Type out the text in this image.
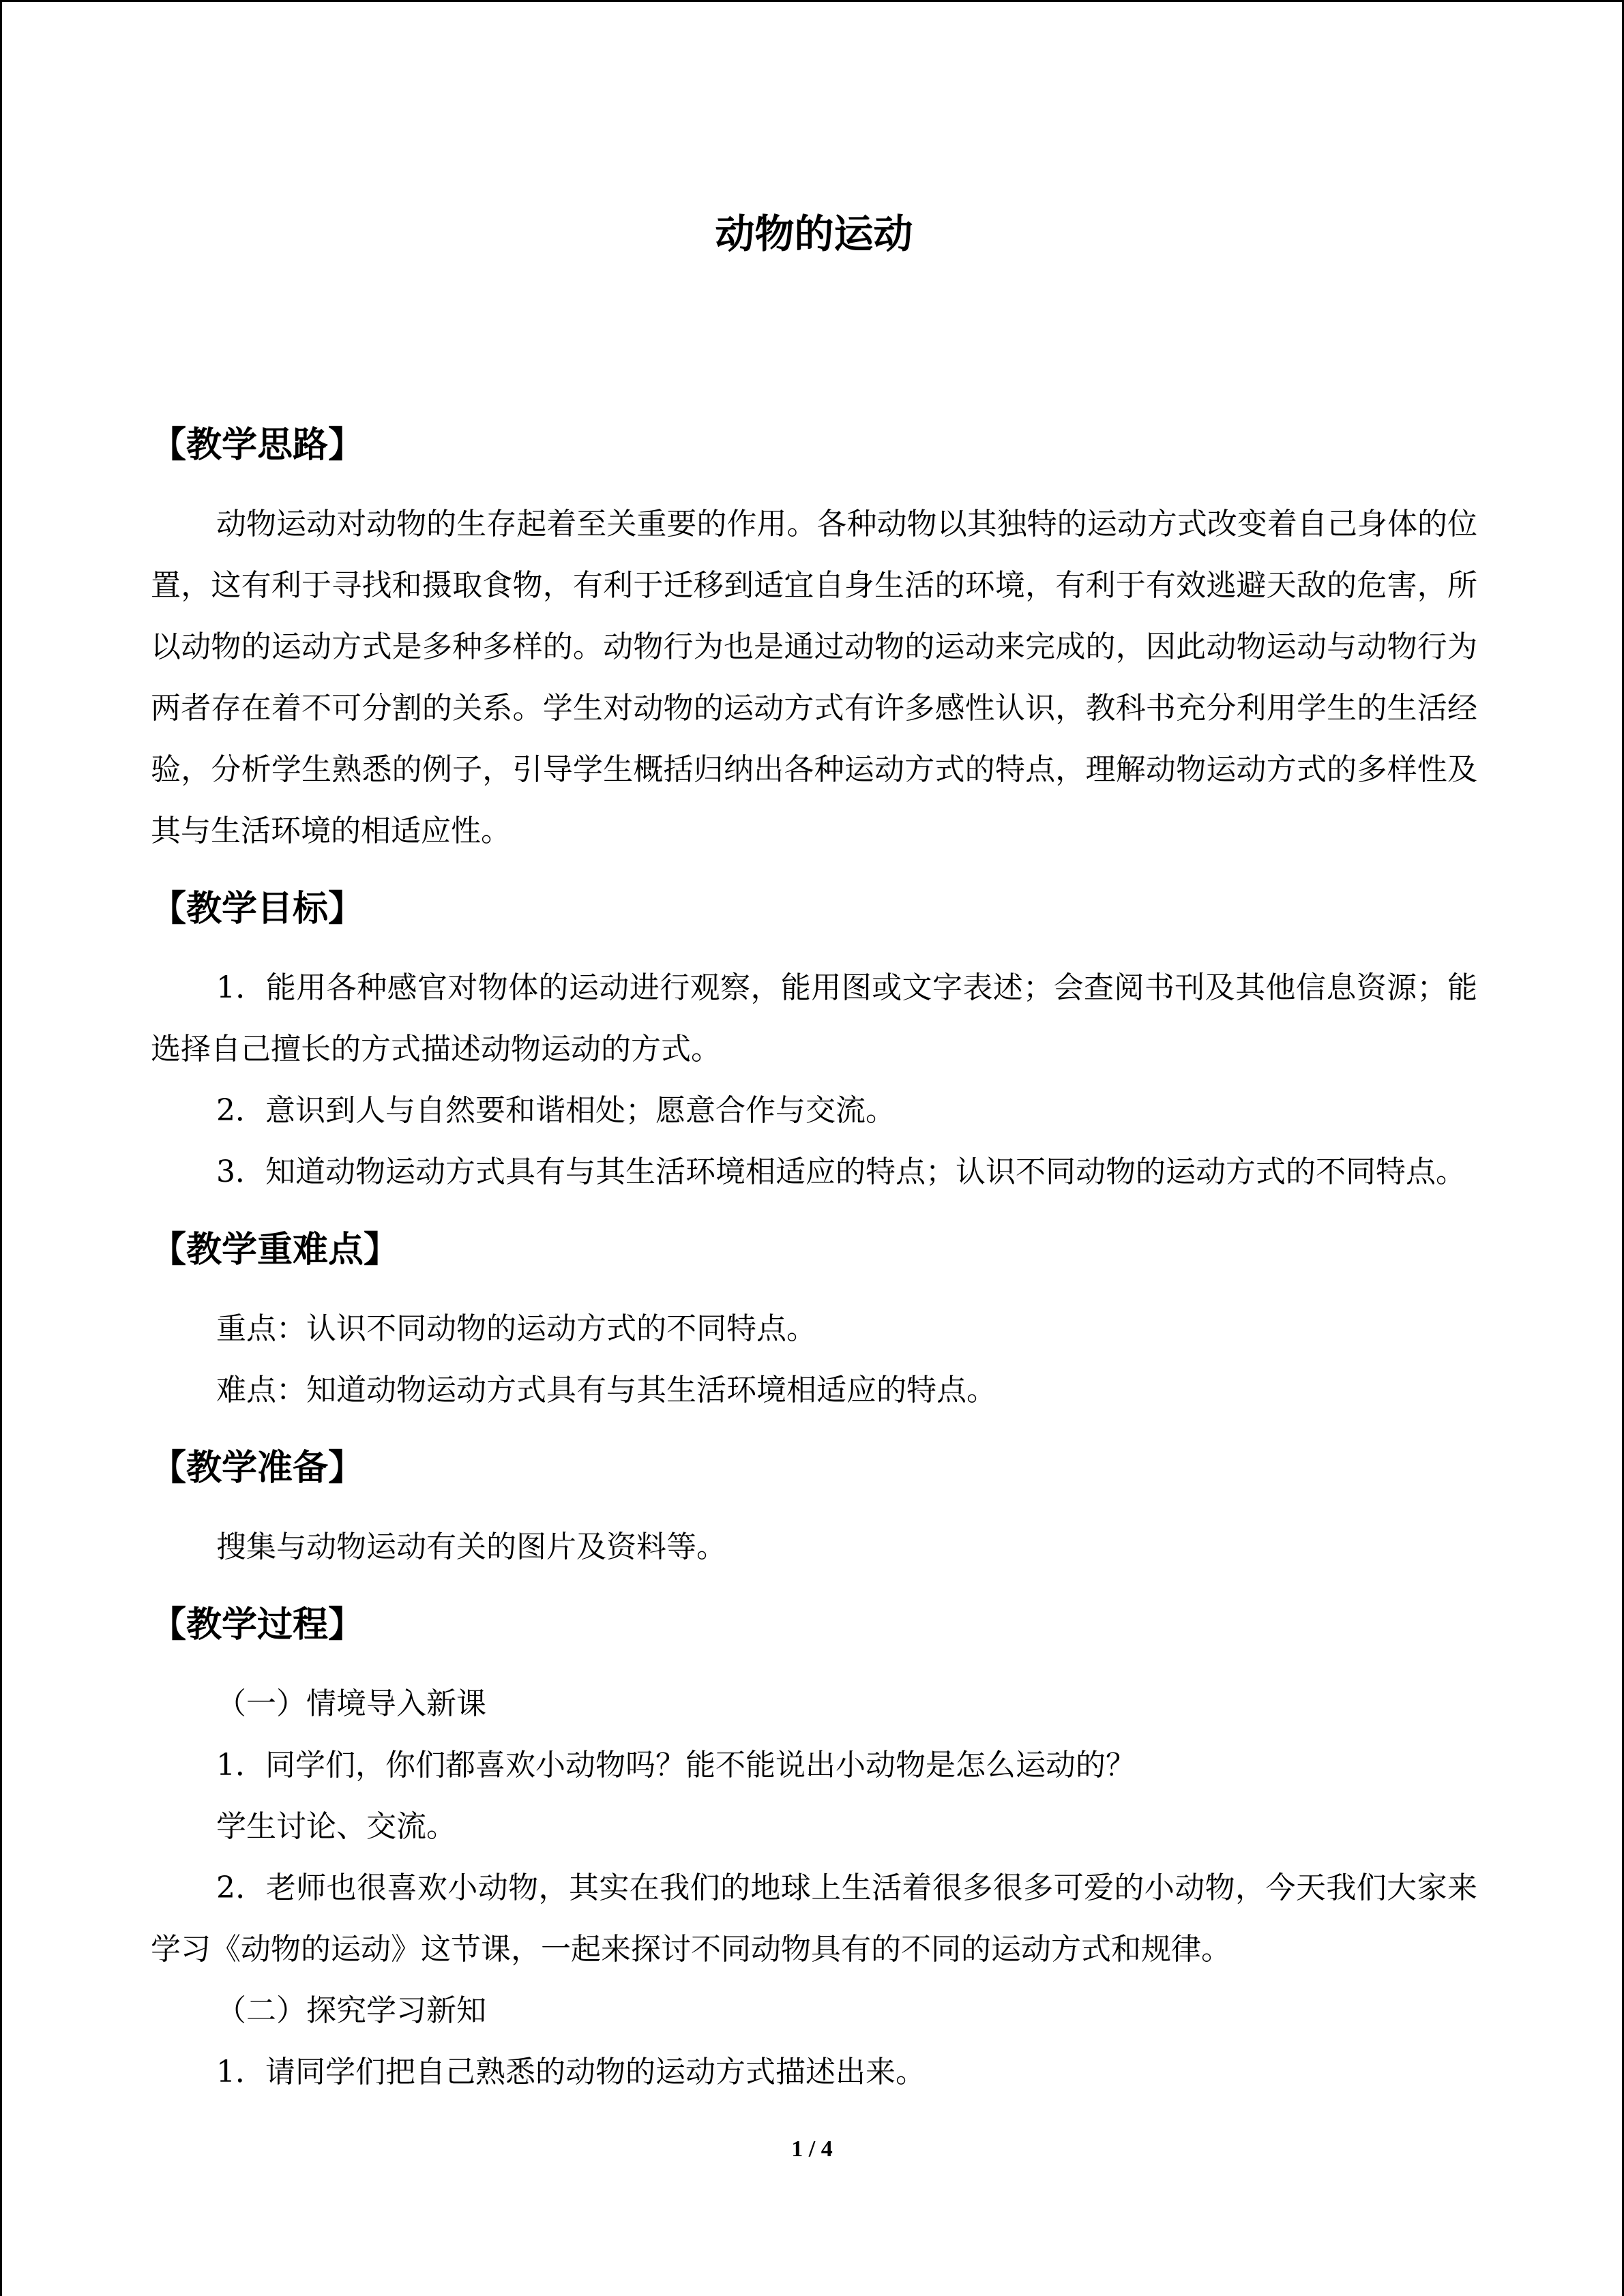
动物的运动
【教学思路】

动物运动对动物的生存起着至关重要的作用。各种动物以其独特的运动方式改变着自己身体的位置，这有利于寻找和摄取食物，有利于迁移到适宜自身生活的环境，有利于有效逃避天敌的危害，所以动物的运动方式是多种多样的。动物行为也是通过动物的运动来完成的，因此动物运动与动物行为两者存在着不可分割的关系。学生对动物的运动方式有许多感性认识，教科书充分利用学生的生活经验，分析学生熟悉的例子，引导学生概括归纳出各种运动方式的特点，理解动物运动方式的多样性及其与生活环境的相适应性。

【教学目标】

1．能用各种感官对物体的运动进行观察，能用图或文字表述；会查阅书刊及其他信息资源；能选择自己擅长的方式描述动物运动的方式。

2．意识到人与自然要和谐相处；愿意合作与交流。

3．知道动物运动方式具有与其生活环境相适应的特点；认识不同动物的运动方式的不同特点。

【教学重难点】

重点：认识不同动物的运动方式的不同特点。

难点：知道动物运动方式具有与其生活环境相适应的特点。

【教学准备】

搜集与动物运动有关的图片及资料等。

【教学过程】

（一）情境导入新课

1．同学们，你们都喜欢小动物吗？能不能说出小动物是怎么运动的？

学生讨论、交流。

2．老师也很喜欢小动物，其实在我们的地球上生活着很多很多可爱的小动物，今天我们大家来学习《动物的运动》这节课，一起来探讨不同动物具有的不同的运动方式和规律。

（二）探究学习新知

1．请同学们把自己熟悉的动物的运动方式描述出来。

1 / 4
